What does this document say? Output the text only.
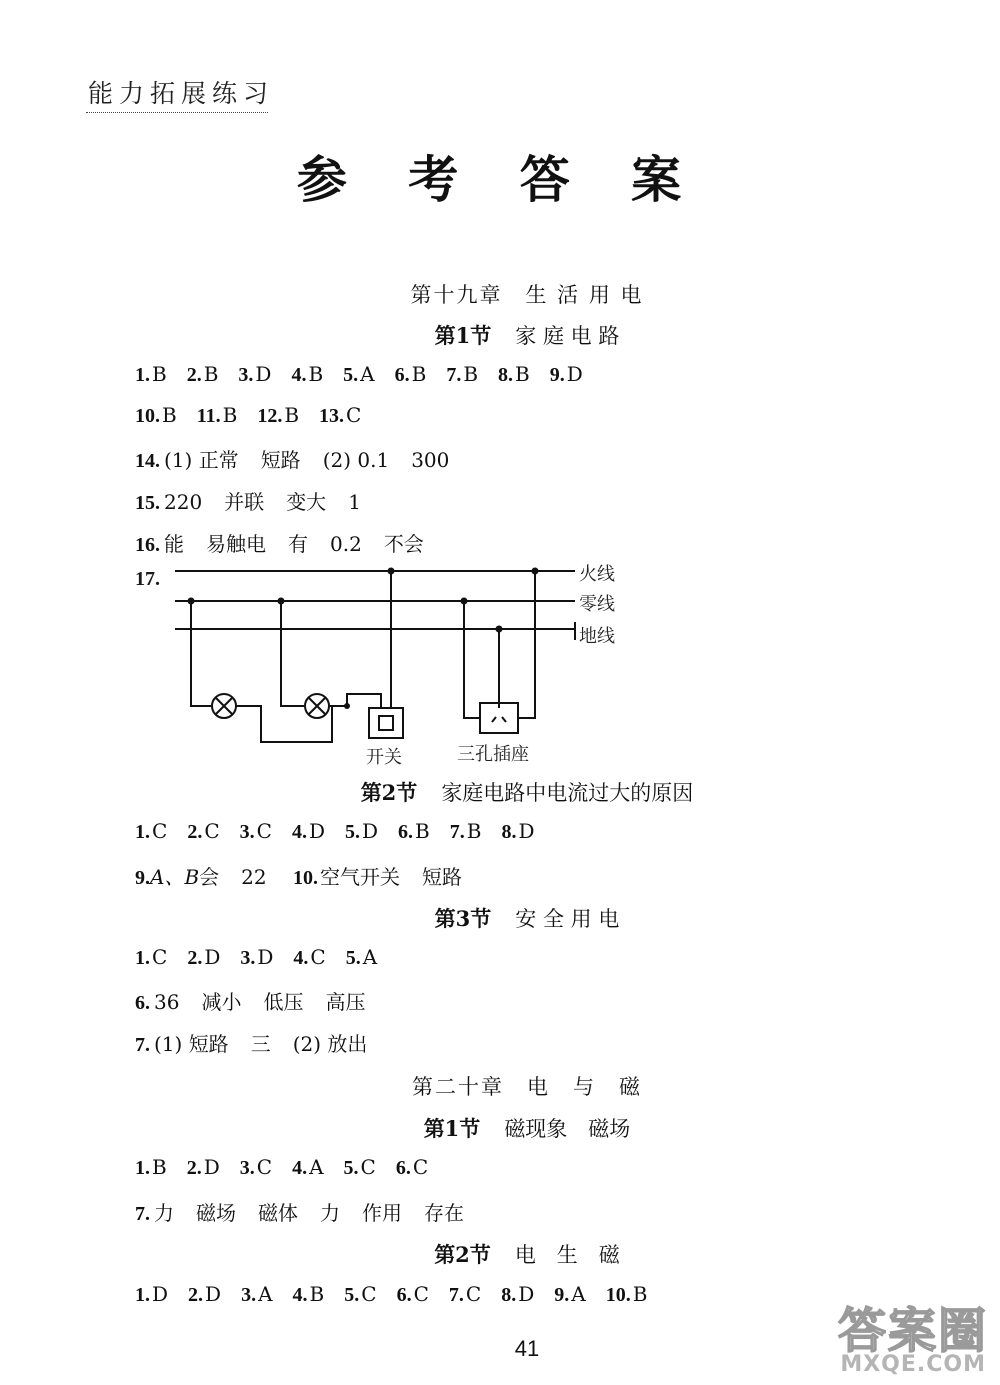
能力拓展练习
参 考 答 案
第十九章　生 活 用 电
第1节 家 庭 电 路
1. B 2. B 3. D 4. B 5. A 6. B 7. B 8. B 9. D
10. B 11. B 12. B 13. C
14. (1) 正常 短路 (2) 0.1 300
15. 220 并联 变大 1
16. 能 易触电 有 0.2 不会
17.	火线
零线
地线
开关	三孔插座
第2节 家庭电路中电流过大的原因
1. C 2. C 3. C 4. D 5. D 6. B 7. B 8. D
9.A、B会 22 10. 空气开关 短路
第3节 安 全 用 电
1. C 2. D 3. D 4. C 5. A
6. 36 减小 低压 高压
7. (1) 短路 三 (2) 放出
第二十章　电　与　磁
第1节 磁现象　磁场
1. B 2. D 3. C 4. A 5. C 6. C
7. 力 磁场 磁体 力 作用 存在
第2节 电　生　磁
1. D 2. D 3. A 4. B 5. C 6. C 7. C 8. D 9. A 10. B
41	答案圈
MXQE.COM
